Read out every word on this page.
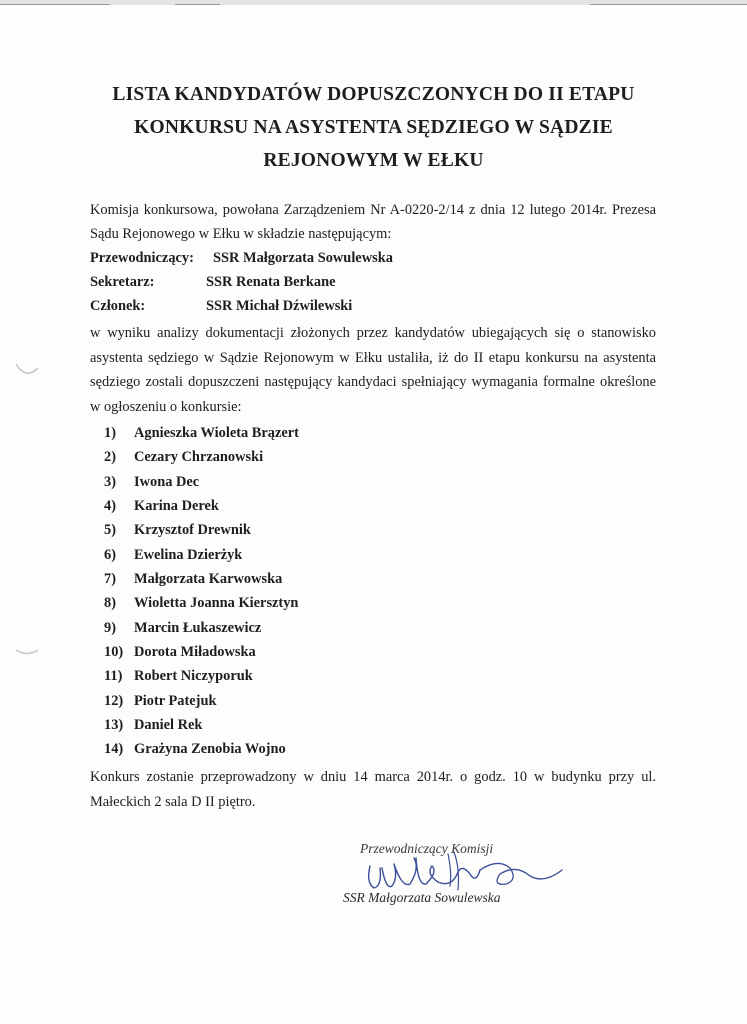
LISTA KANDYDATÓW DOPUSZCZONYCH DO II ETAPU
KONKURSU NA ASYSTENTA SĘDZIEGO W SĄDZIE
REJONOWYM W EŁKU
Komisja konkursowa, powołana Zarządzeniem Nr A-0220-2/14 z dnia 12 lutego 2014r. Prezesa
Sądu Rejonowego w Ełku w składzie następującym:
Przewodniczący: SSR Małgorzata Sowulewska
Sekretarz:	SSR Renata Berkane
Członek:	SSR Michał Dźwilewski
w wyniku analizy dokumentacji złożonych przez kandydatów ubiegających się o stanowisko
asystenta sędziego w Sądzie Rejonowym w Ełku ustaliła, iż do II etapu konkursu na asystenta
sędziego zostali dopuszczeni następujący kandydaci spełniający wymagania formalne określone
w ogłoszeniu o konkursie:
1) Agnieszka Wioleta Brązert
2) Cezary Chrzanowski
3) Iwona Dec
4) Karina Derek
5) Krzysztof Drewnik
6) Ewelina Dzierżyk
7) Małgorzata Karwowska
8) Wioletta Joanna Kiersztyn
9) Marcin Łukaszewicz
10) Dorota Miładowska
11) Robert Niczyporuk
12) Piotr Patejuk
13) Daniel Rek
14) Grażyna Zenobia Wojno
Konkurs zostanie przeprowadzony w dniu 14 marca 2014r. o godz. 10 w budynku przy ul.
Małeckich 2 sala D II piętro.
Przewodniczący Komisji
SSR Małgorzata Sowulewska
